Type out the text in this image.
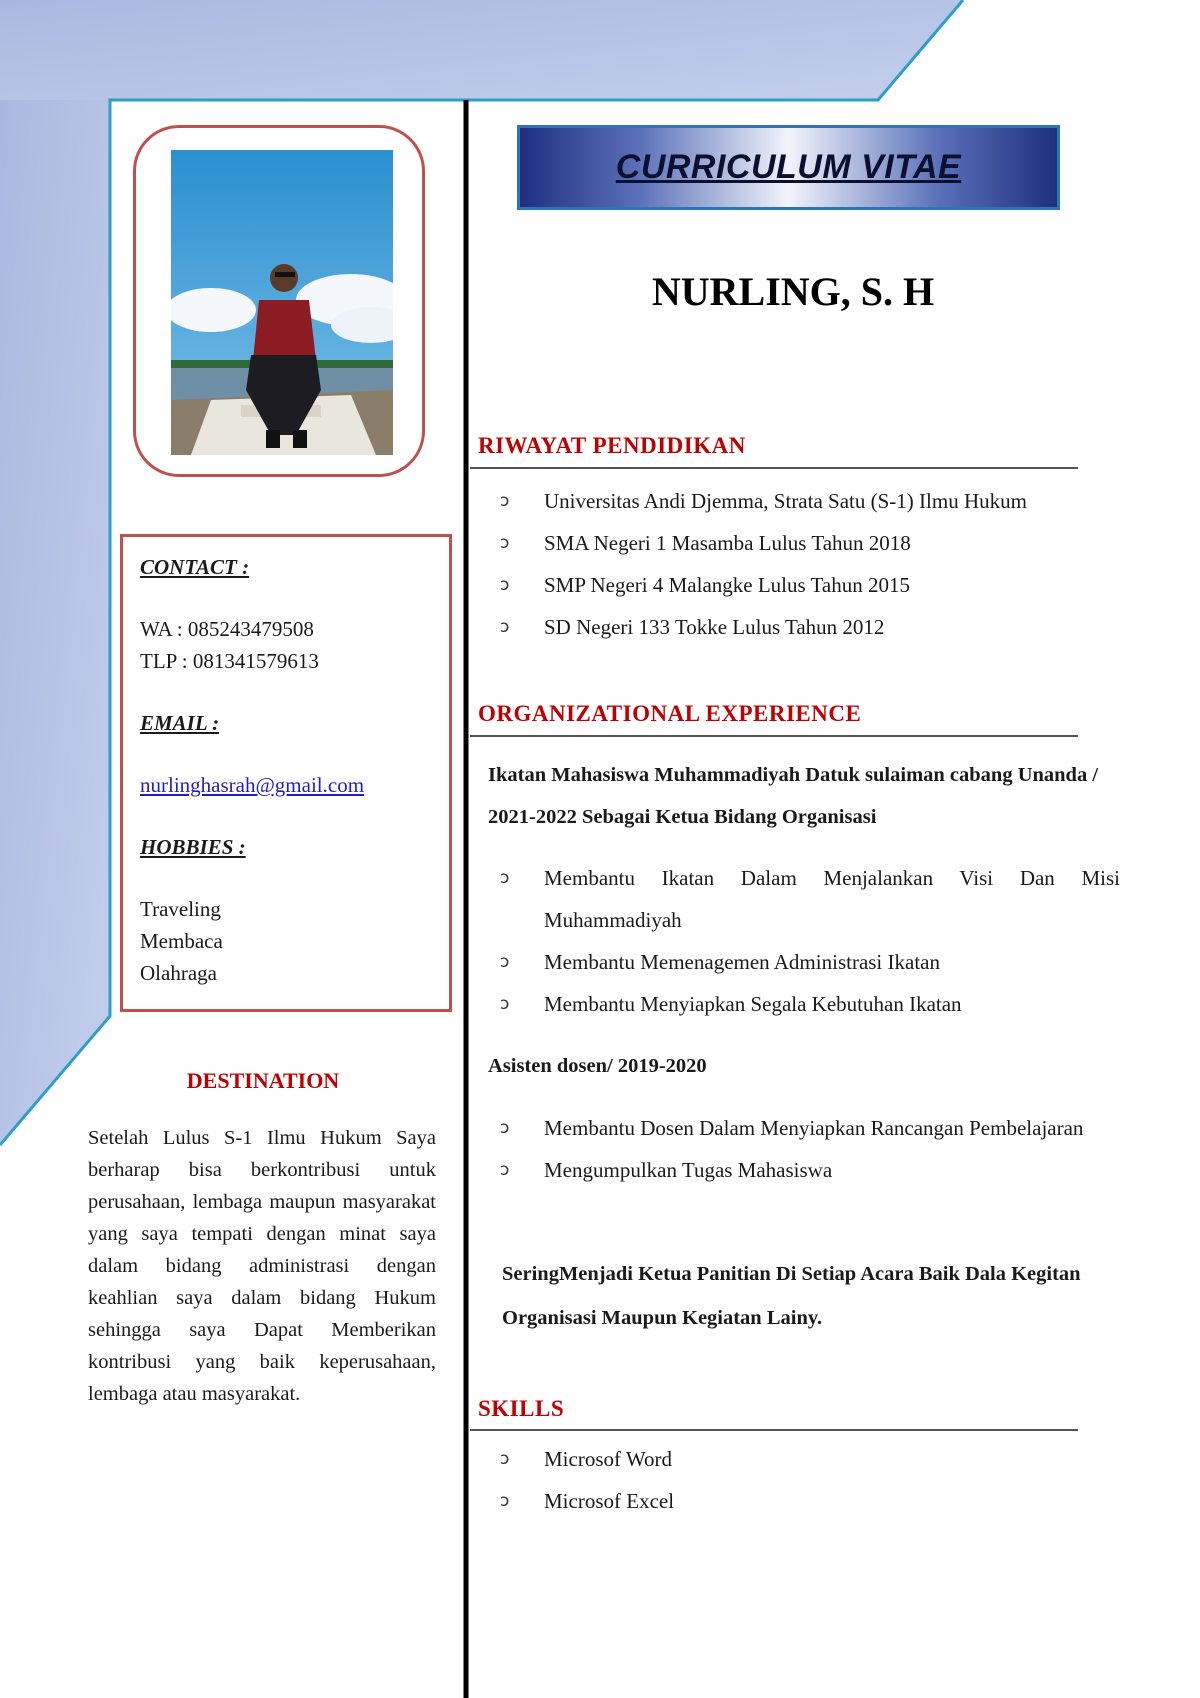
CONTACT :

WA : 085243479508

TLP : 081341579613

EMAIL :

nurlinghasrah@gmail.com

HOBBIES :

Traveling

Membaca

Olahraga

DESTINATION
Setelah Lulus S-1 Ilmu Hukum Saya berharap bisa berkontribusi untuk perusahaan, lembaga maupun masyarakat yang saya tempati dengan minat saya dalam bidang administrasi dengan keahlian saya dalam bidang Hukum sehingga saya Dapat Memberikan kontribusi yang baik keperusahaan, lembaga atau masyarakat.
CURRICULUM VITAE
NURLING, S. H
RIWAYAT PENDIDIKAN
ↄ Universitas Andi Djemma, Strata Satu (S-1) Ilmu Hukum
ↄ SMA Negeri 1 Masamba Lulus Tahun 2018
ↄ SMP Negeri 4 Malangke Lulus Tahun 2015
ↄ SD Negeri 133 Tokke Lulus Tahun 2012
ORGANIZATIONAL EXPERIENCE
Ikatan Mahasiswa Muhammadiyah Datuk sulaiman cabang Unanda / 2021-2022 Sebagai Ketua Bidang Organisasi
ↄ Membantu Ikatan Dalam Menjalankan Visi Dan Misi Muhammadiyah
ↄ Membantu Memenagemen Administrasi Ikatan
ↄ Membantu Menyiapkan Segala Kebutuhan Ikatan
Asisten dosen/ 2019-2020
ↄ Membantu Dosen Dalam Menyiapkan Rancangan Pembelajaran
ↄ Mengumpulkan Tugas Mahasiswa
SeringMenjadi Ketua Panitian Di Setiap Acara Baik Dala Kegitan Organisasi Maupun Kegiatan Lainy.
SKILLS
ↄ Microsof Word
ↄ Microsof Excel
